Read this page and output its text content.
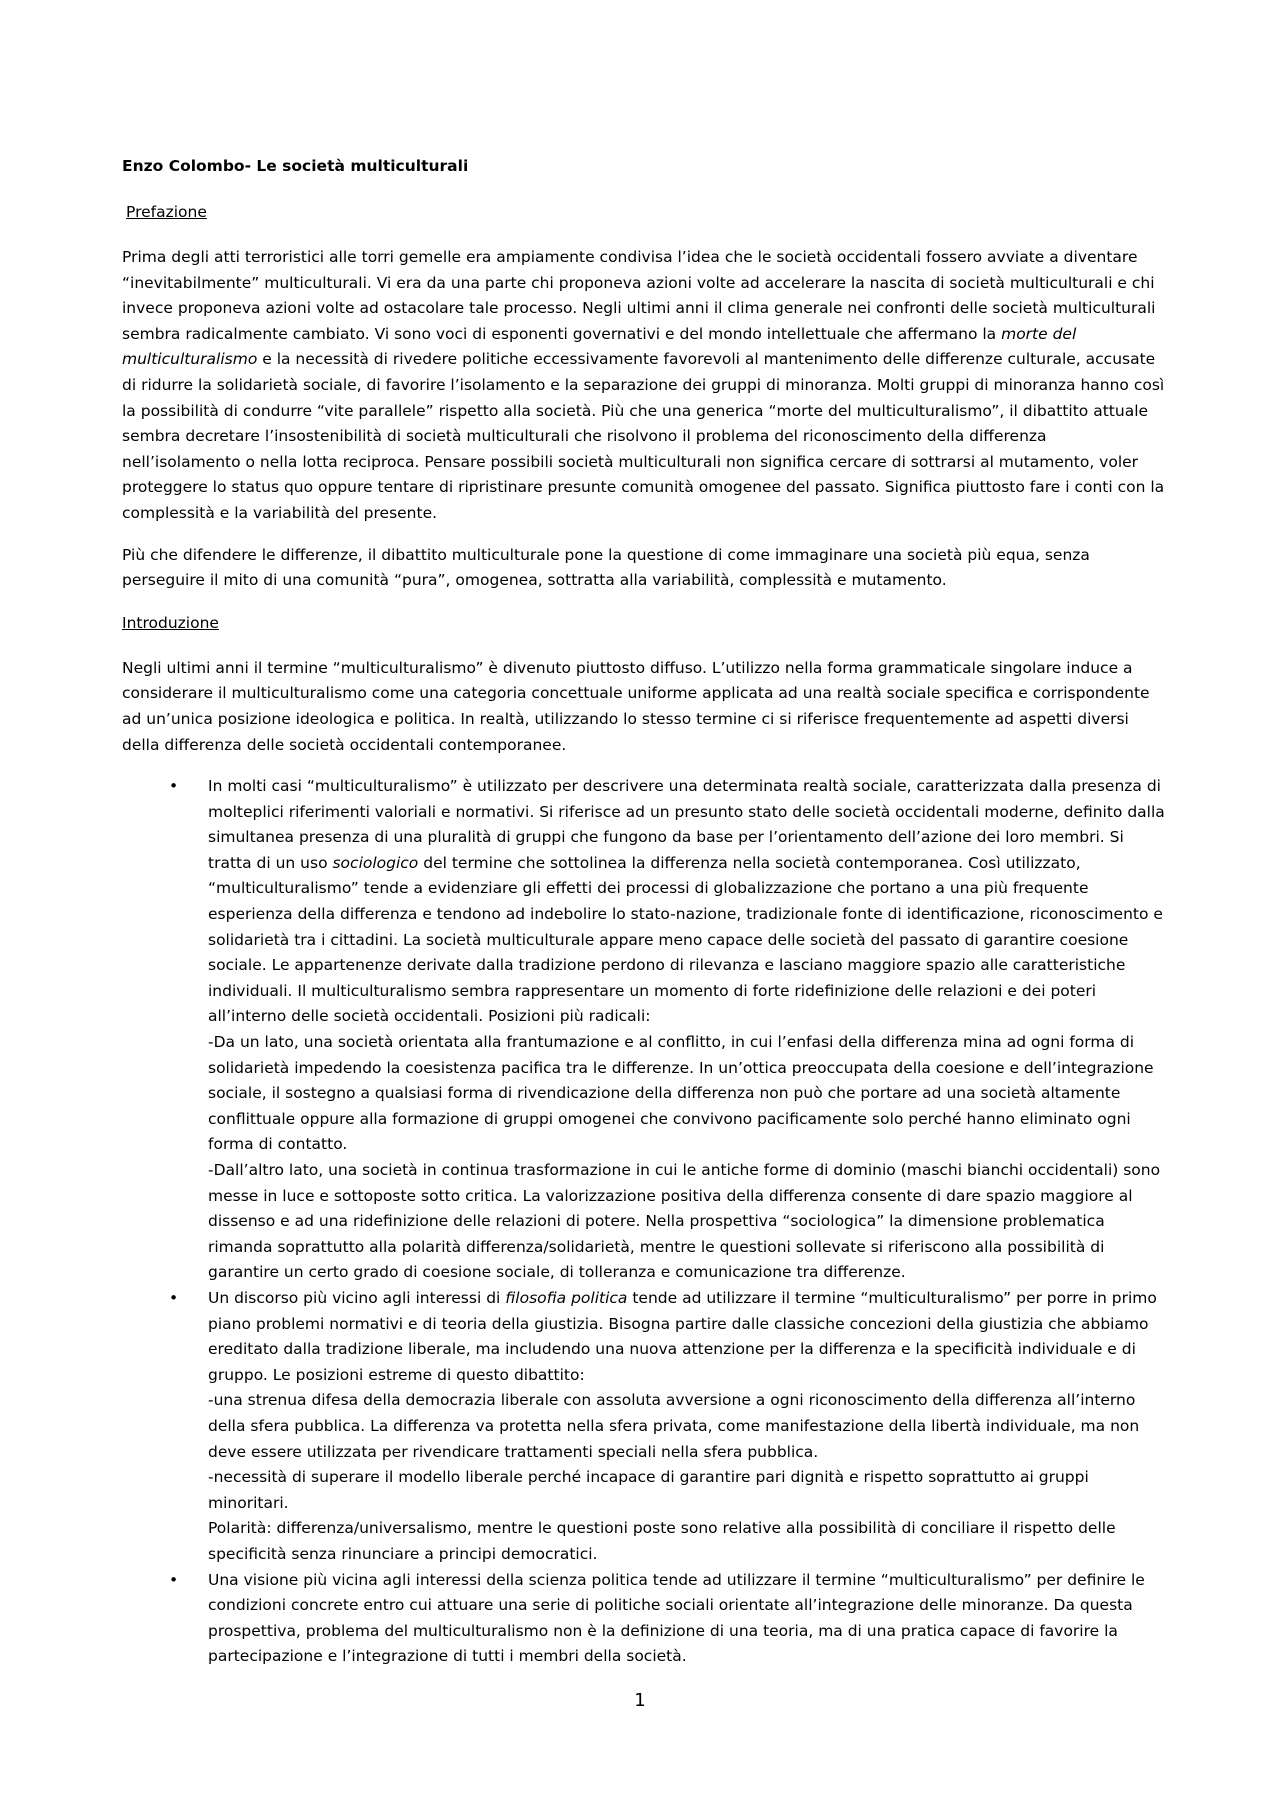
Enzo Colombo- Le società multiculturali
Prefazione

Prima degli atti terroristici alle torri gemelle era ampiamente condivisa l’idea che le società occidentali fossero avviate a diventare “inevitabilmente” multiculturali. Vi era da una parte chi proponeva azioni volte ad accelerare la nascita di società multiculturali e chi invece proponeva azioni volte ad ostacolare tale processo. Negli ultimi anni il clima generale nei confronti delle società multiculturali sembra radicalmente cambiato. Vi sono voci di esponenti governativi e del mondo intellettuale che affermano la morte del multiculturalismo e la necessità di rivedere politiche eccessivamente favorevoli al mantenimento delle differenze culturale, accusate di ridurre la solidarietà sociale, di favorire l’isolamento e la separazione dei gruppi di minoranza. Molti gruppi di minoranza hanno così la possibilità di condurre “vite parallele” rispetto alla società. Più che una generica “morte del multiculturalismo”, il dibattito attuale sembra decretare l’insostenibilità di società multiculturali che risolvono il problema del riconoscimento della differenza nell’isolamento o nella lotta reciproca. Pensare possibili società multiculturali non significa cercare di sottrarsi al mutamento, voler proteggere lo status quo oppure tentare di ripristinare presunte comunità omogenee del passato. Significa piuttosto fare i conti con la complessità e la variabilità del presente.

Più che difendere le differenze, il dibattito multiculturale pone la questione di come immaginare una società più equa, senza perseguire il mito di una comunità “pura”, omogenea, sottratta alla variabilità, complessità e mutamento.

Introduzione

Negli ultimi anni il termine “multiculturalismo” è divenuto piuttosto diffuso. L’utilizzo nella forma grammaticale singolare induce a considerare il multiculturalismo come una categoria concettuale uniforme applicata ad una realtà sociale specifica e corrispondente ad un’unica posizione ideologica e politica. In realtà, utilizzando lo stesso termine ci si riferisce frequentemente ad aspetti diversi della differenza delle società occidentali contemporanee.

• In molti casi “multiculturalismo” è utilizzato per descrivere una determinata realtà sociale, caratterizzata dalla presenza di molteplici riferimenti valoriali e normativi. Si riferisce ad un presunto stato delle società occidentali moderne, definito dalla simultanea presenza di una pluralità di gruppi che fungono da base per l’orientamento dell’azione dei loro membri. Si tratta di un uso sociologico del termine che sottolinea la differenza nella società contemporanea. Così utilizzato, “multiculturalismo” tende a evidenziare gli effetti dei processi di globalizzazione che portano a una più frequente esperienza della differenza e tendono ad indebolire lo stato-nazione, tradizionale fonte di identificazione, riconoscimento e solidarietà tra i cittadini. La società multiculturale appare meno capace delle società del passato di garantire coesione sociale. Le appartenenze derivate dalla tradizione perdono di rilevanza e lasciano maggiore spazio alle caratteristiche individuali. Il multiculturalismo sembra rappresentare un momento di forte ridefinizione delle relazioni e dei poteri all’interno delle società occidentali. Posizioni più radicali:
-Da un lato, una società orientata alla frantumazione e al conflitto, in cui l’enfasi della differenza mina ad ogni forma di solidarietà impedendo la coesistenza pacifica tra le differenze. In un’ottica preoccupata della coesione e dell’integrazione sociale, il sostegno a qualsiasi forma di rivendicazione della differenza non può che portare ad una società altamente conflittuale oppure alla formazione di gruppi omogenei che convivono pacificamente solo perché hanno eliminato ogni forma di contatto.
-Dall’altro lato, una società in continua trasformazione in cui le antiche forme di dominio (maschi bianchi occidentali) sono messe in luce e sottoposte sotto critica. La valorizzazione positiva della differenza consente di dare spazio maggiore al dissenso e ad una ridefinizione delle relazioni di potere. Nella prospettiva “sociologica” la dimensione problematica rimanda soprattutto alla polarità differenza/solidarietà, mentre le questioni sollevate si riferiscono alla possibilità di garantire un certo grado di coesione sociale, di tolleranza e comunicazione tra differenze.
• Un discorso più vicino agli interessi di filosofia politica tende ad utilizzare il termine “multiculturalismo” per porre in primo piano problemi normativi e di teoria della giustizia. Bisogna partire dalle classiche concezioni della giustizia che abbiamo ereditato dalla tradizione liberale, ma includendo una nuova attenzione per la differenza e la specificità individuale e di gruppo. Le posizioni estreme di questo dibattito:
-una strenua difesa della democrazia liberale con assoluta avversione a ogni riconoscimento della differenza all’interno della sfera pubblica. La differenza va protetta nella sfera privata, come manifestazione della libertà individuale, ma non deve essere utilizzata per rivendicare trattamenti speciali nella sfera pubblica.
-necessità di superare il modello liberale perché incapace di garantire pari dignità e rispetto soprattutto ai gruppi minoritari.
Polarità: differenza/universalismo, mentre le questioni poste sono relative alla possibilità di conciliare il rispetto delle specificità senza rinunciare a principi democratici.
• Una visione più vicina agli interessi della scienza politica tende ad utilizzare il termine “multiculturalismo” per definire le condizioni concrete entro cui attuare una serie di politiche sociali orientate all’integrazione delle minoranze. Da questa prospettiva, problema del multiculturalismo non è la definizione di una teoria, ma di una pratica capace di favorire la partecipazione e l’integrazione di tutti i membri della società.
1
